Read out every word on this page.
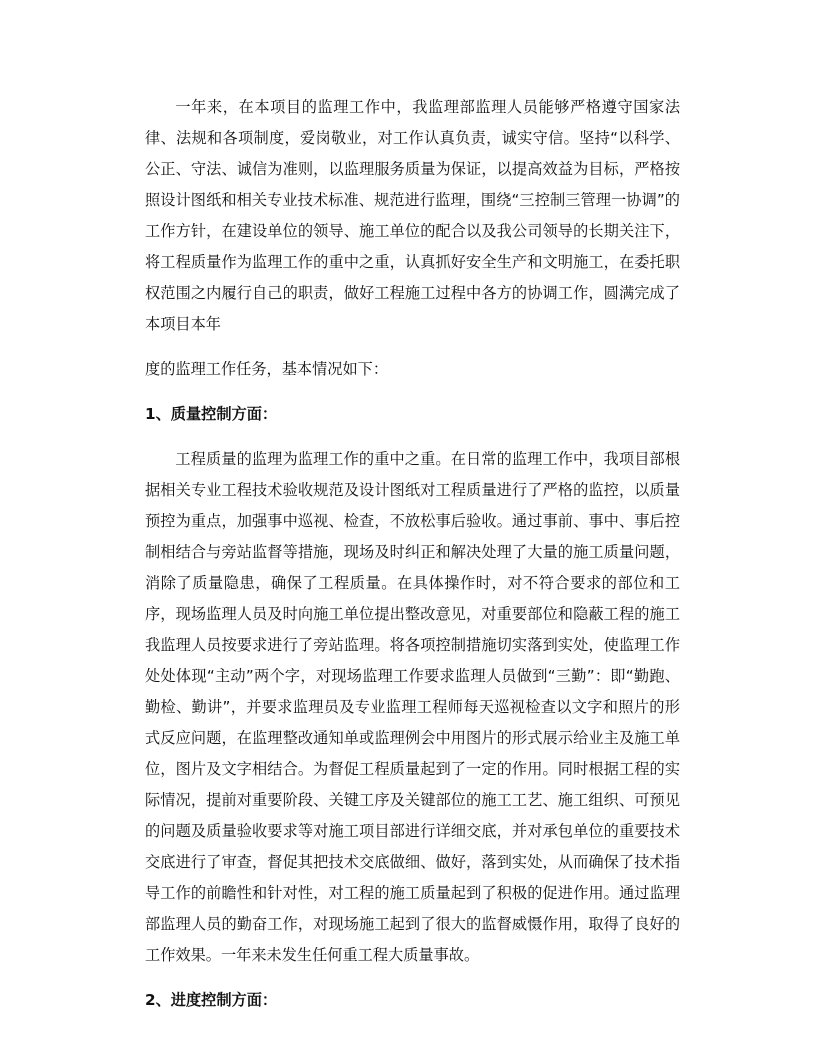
一年来，在本项目的监理工作中，我监理部监理人员能够严格遵守国家法律、法规和各项制度，爱岗敬业，对工作认真负责，诚实守信。坚持“以科学、公正、守法、诚信为准则，以监理服务质量为保证，以提高效益为目标，严格按照设计图纸和相关专业技术标准、规范进行监理，围绕“三控制三管理一协调”的工作方针，在建设单位的领导、施工单位的配合以及我公司领导的长期关注下，将工程质量作为监理工作的重中之重，认真抓好安全生产和文明施工，在委托职权范围之内履行自己的职责，做好工程施工过程中各方的协调工作，圆满完成了本项目本年

度的监理工作任务，基本情况如下：

1、质量控制方面：

工程质量的监理为监理工作的重中之重。在日常的监理工作中，我项目部根据相关专业工程技术验收规范及设计图纸对工程质量进行了严格的监控，以质量预控为重点，加强事中巡视、检查，不放松事后验收。通过事前、事中、事后控制相结合与旁站监督等措施，现场及时纠正和解决处理了大量的施工质量问题，消除了质量隐患，确保了工程质量。在具体操作时，对不符合要求的部位和工序，现场监理人员及时向施工单位提出整改意见，对重要部位和隐蔽工程的施工我监理人员按要求进行了旁站监理。将各项控制措施切实落到实处，使监理工作处处体现“主动”两个字，对现场监理工作要求监理人员做到“三勤”：即“勤跑、勤检、勤讲”，并要求监理员及专业监理工程师每天巡视检查以文字和照片的形式反应问题，在监理整改通知单或监理例会中用图片的形式展示给业主及施工单位，图片及文字相结合。为督促工程质量起到了一定的作用。同时根据工程的实际情况，提前对重要阶段、关键工序及关键部位的施工工艺、施工组织、可预见的问题及质量验收要求等对施工项目部进行详细交底，并对承包单位的重要技术交底进行了审查，督促其把技术交底做细、做好，落到实处，从而确保了技术指导工作的前瞻性和针对性，对工程的施工质量起到了积极的促进作用。通过监理部监理人员的勤奋工作，对现场施工起到了很大的监督威慑作用，取得了良好的工作效果。一年来未发生任何重工程大质量事故。

2、进度控制方面：
